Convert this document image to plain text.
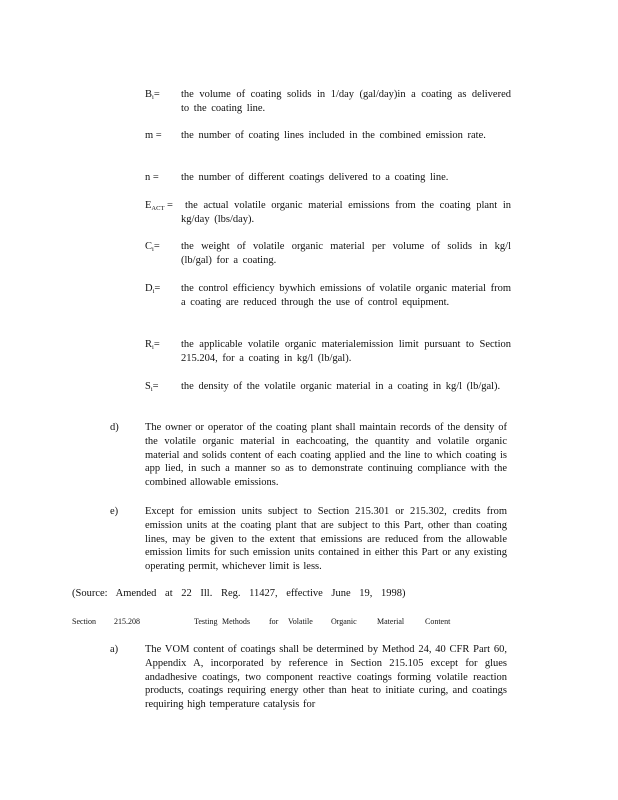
Bi=	the volume of coating solids in 1/day (gal/day)in a coating as delivered to the coating line.
m =	the number of coating lines included in the combined emission rate.
n =	the number of different coatings delivered to a coating line.
EACT =	the actual volatile organic material emissions from the coating plant in kg/day (lbs/day).
Ci=	the weight of volatile organic material per volume of solids in kg/l (lb/gal) for a coating.
Di=	the control efficiency bywhich emissions of volatile organic material from a coating are reduced through the use of control equipment.
Ri=	the applicable volatile organic materialemission limit pursuant to Section 215.204, for a coating in kg/l (lb/gal).
Si=	the density of the volatile organic material in a coating in kg/l (lb/gal).
d)	The owner or operator of the coating plant shall maintain records of the density of the volatile organic material in eachcoating, the quantity and volatile organic material and solids content of each coating applied and the line to which coating is app lied, in such a manner so as to demonstrate continuing compliance with the combined allowable emissions.
e)	Except for emission units subject to Section 215.301 or 215.302, credits from emission units at the coating plant that are subject to this Part, other than coating lines, may be given to the extent that emissions are reduced from the allowable emission limits for such emission units contained in either this Part or any existing operating permit, whichever limit is less.
(Source: Amended at 22 Ill. Reg. 11427, effective June 19, 1998)
Section 215.208	Testing Methods for Volatile Organic	Material	Content
a)	The VOM content of coatings shall be determined by Method 24, 40 CFR Part 60, Appendix A, incorporated by reference in Section 215.105 except for glues andadhesive coatings, two component reactive coatings forming volatile reaction products, coatings requiring energy other than heat to initiate curing, and coatings requiring high temperature catalysis for
